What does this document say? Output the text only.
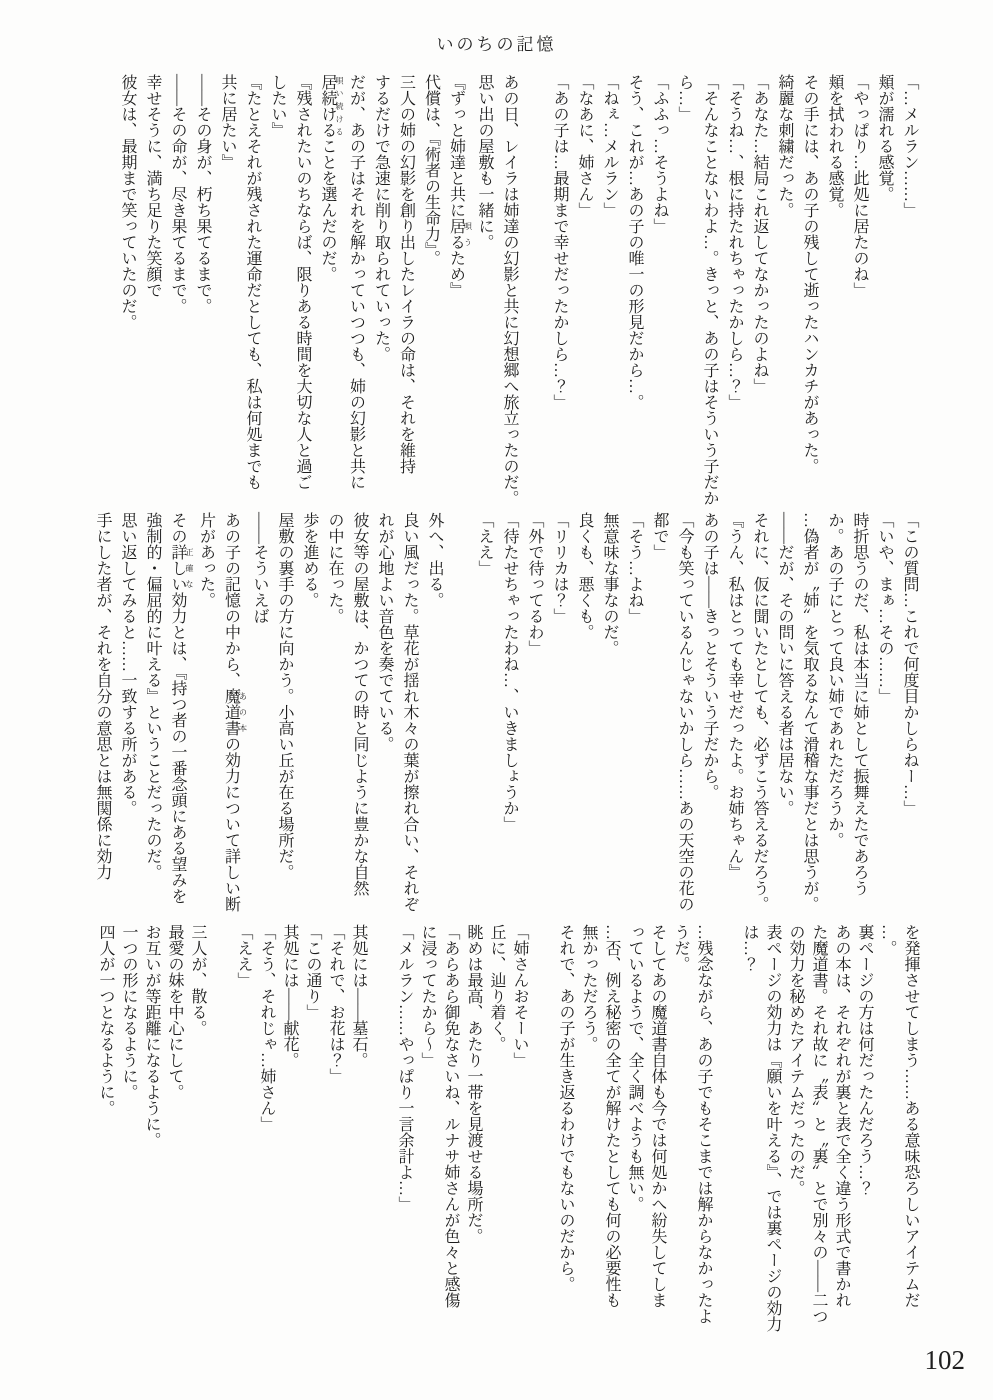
いのちの記憶

「…メルラン……」

頬が濡れる感覚。

「やっぱり…此処に居たのね」

頬を拭われる感覚。

その手には、あの子の残して逝ったハンカチがあった。

綺麗な刺繍だった。

「あなた…結局これ返してなかったのよね」

「そうね…、根に持たれちゃったかしら…？」

「そんなことないわよ…。きっと、あの子はそういう子だか

ら…」

「ふふっ…そうよね」

そう、これが…あの子の唯一の形見だから…。

「ねぇ…メルラン」

「なあに、姉さん」

「あの子は…最期まで幸せだったかしら…？」

あの日、レイラは姉達の幻影と共に幻想郷へ旅立ったのだ。

思い出の屋敷も一緒に。

『ずっと姉達と共に居る 唄うため』

代償は、『術者の生命力』。

三人の姉の幻影を創り出したレイラの命は、それを維持

するだけで急速に削り取られていった。

だが、あの子はそれを解かっていつつも、姉の幻影と共に

居続ける 唄い続けることを選んだのだ。

『残されたいのちならば、限りある時間を大切な人と過ご

したい』

『たとえそれが残された運命だとしても、私は何処までも

共に居たい』

――その身が、朽ち果てるまで。

――その命が、尽き果てるまで。

幸せそうに、満ち足りた笑顔で

彼女は、最期まで笑っていたのだ。

「この質問…これで何度目かしらねー…」

「いや、まぁ…その……」

時折思うのだ、私は本当に姉として振舞えたであろう

か。あの子にとって良い姉であれただろうか。

…偽者が〝姉〞を気取るなんて滑稽な事だとは思うが。

――だが、その問いに答える者は居ない。

それに、仮に聞いたとしても、必ずこう答えるだろう。

『うん、私はとっても幸せだったよ。お姉ちゃん』

あの子は――きっとそういう子だから。

「今も笑っているんじゃないかしら……あの天空の花の

都で」

「そう…よね」

無意味な事なのだ。

良くも、悪くも。

「リリカは？」

「外で待ってるわ」

「待たせちゃったわね…、いきましょうか」

「ええ」

外へ、出る。

良い風だった。草花が揺れ木々の葉が擦れ合い、それぞ

れが心地よい音色を奏でている。

彼女等の屋敷は、かつての時と同じように豊かな自然

の中に在った。

歩を進める。

屋敷の裏手の方に向かう。小高い丘が在る場所だ。

――そういえば

あの子の記憶の中から、魔道書 あの本の効力について詳しい断

片があった。

その詳しい 正確な効力とは、『持つ者の一番念頭にある望みを

強制的・偏屈的に叶える』ということだったのだ。

思い返してみると……一致する所がある。

手にした者が、それを自分の意思とは無関係に効力

を発揮させてしまう……ある意味恐ろしいアイテムだ

…。

裏ページの方は何だったんだろう…？

あの本は、それぞれが裏と表で全く違う形式で書かれ

た魔道書。それ故に〝表〞と〝裏〞とで別々の――二つ

の効力を秘めたアイテムだったのだ。

表ページの効力は『願いを叶える』、では裏ページの効力

は…？

…残念ながら、あの子でもそこまでは解からなかったよ

うだ。

そしてあの魔道書自体も今では何処かへ紛失してしま

っているようで、全く調べようも無い。

…否、例え秘密の全てが解けたとしても何の必要性も

無かっただろう。

それで、あの子が生き返るわけでもないのだから。

「姉さんおそーい」

丘に、辿り着く。

眺めは最高、あたり一帯を見渡せる場所だ。

「あらあら御免なさいね、ルナサ姉さんが色々と感傷

に浸ってたから〜」

「メルラン……やっぱり一言余計よ…」

其処には――墓石。

「それで、お花は？」

「この通り」

其処には――献花。

「そう、それじゃ…姉さん」

「ええ」

三人が、散る。

最愛の妹を中心にして。

お互いが等距離になるように。

一つの形になるように。

四人が一つとなるように。

102
